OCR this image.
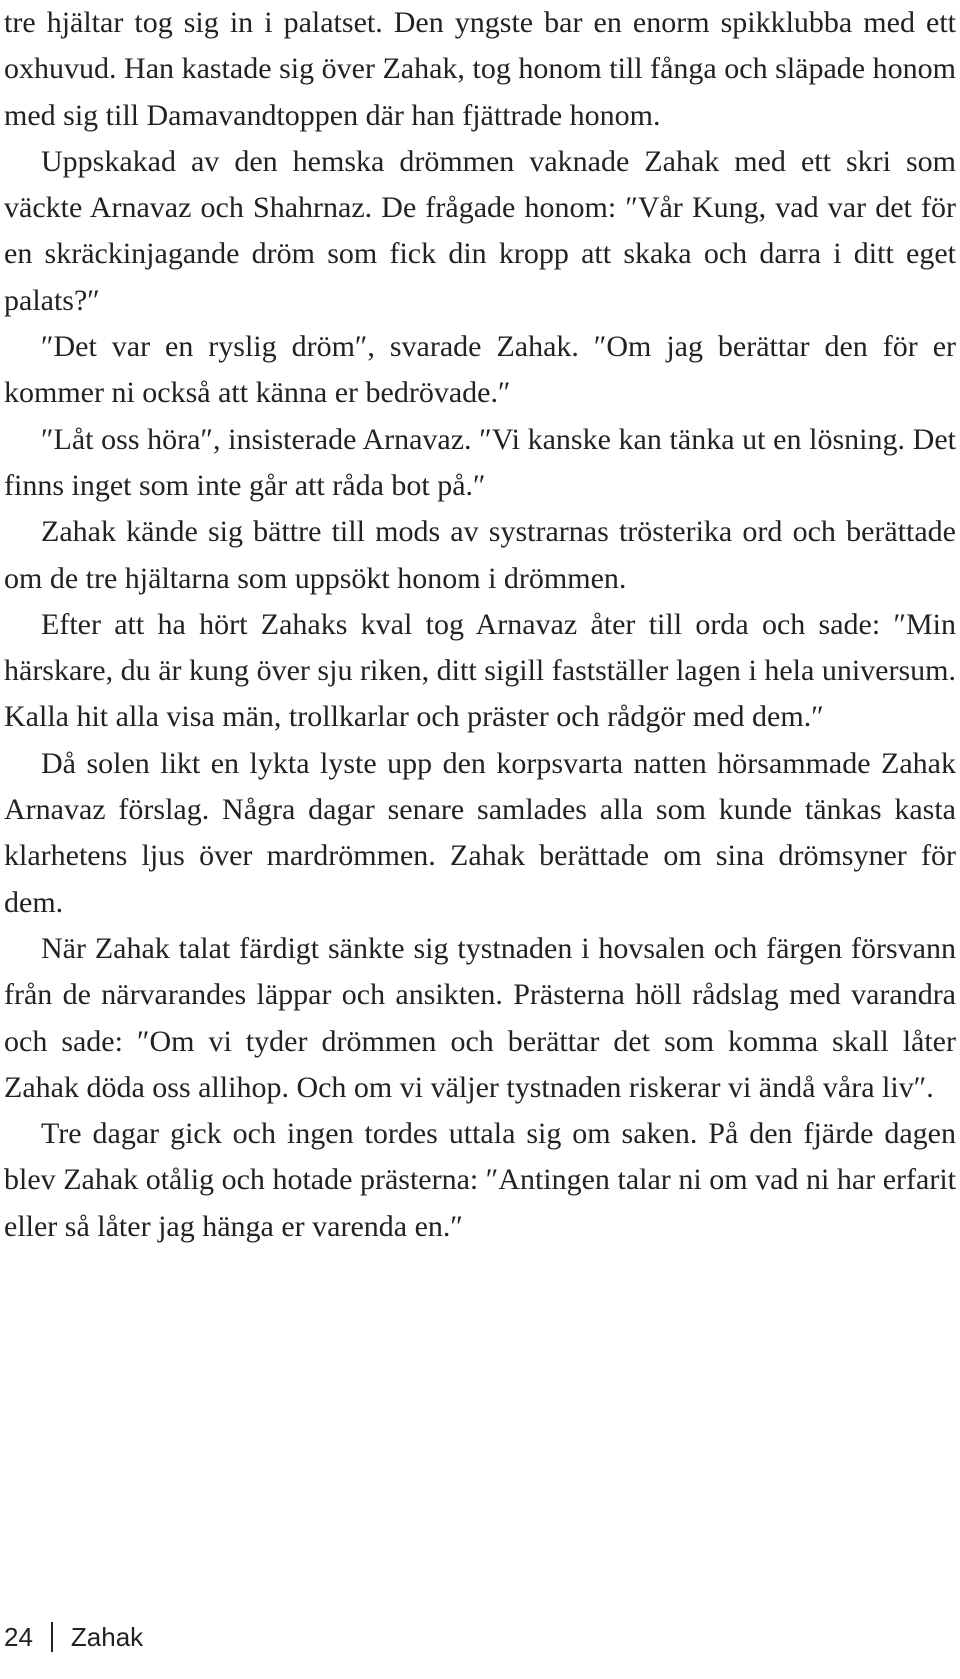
tre hjältar tog sig in i palatset. Den yngste bar en enorm spikklubba med ett oxhuvud. Han kastade sig över Zahak, tog honom till fånga och släpade honom med sig till Damavandtoppen där han fjättrade honom.

Uppskakad av den hemska drömmen vaknade Zahak med ett skri som väckte Arnavaz och Shahrnaz. De frågade honom: ″Vår Kung, vad var det för en skräckinjagande dröm som fick din kropp att skaka och darra i ditt eget palats?″

″Det var en ryslig dröm″, svarade Zahak. ″Om jag berättar den för er kommer ni också att känna er bedrövade.″

″Låt oss höra″, insisterade Arnavaz. ″Vi kanske kan tänka ut en lösning. Det finns inget som inte går att råda bot på.″

Zahak kände sig bättre till mods av systrarnas trösterika ord och berättade om de tre hjältarna som uppsökt honom i drömmen.

Efter att ha hört Zahaks kval tog Arnavaz åter till orda och sade: ″Min härskare, du är kung över sju riken, ditt sigill fastställer lagen i hela universum. Kalla hit alla visa män, trollkarlar och präster och rådgör med dem.″

Då solen likt en lykta lyste upp den korpsvarta natten hörsammade Zahak Arnavaz förslag. Några dagar senare samlades alla som kunde tänkas kasta klarhetens ljus över mardrömmen. Zahak berättade om sina drömsyner för dem.

När Zahak talat färdigt sänkte sig tystnaden i hovsalen och färgen försvann från de närvarandes läppar och ansikten. Prästerna höll rådslag med varandra och sade: ″Om vi tyder drömmen och berättar det som komma skall låter Zahak döda oss allihop. Och om vi väljer tystnaden riskerar vi ändå våra liv″.

Tre dagar gick och ingen tordes uttala sig om saken. På den fjärde dagen blev Zahak otålig och hotade prästerna: ″Antingen talar ni om vad ni har erfarit eller så låter jag hänga er varenda en.″

24 Zahak
